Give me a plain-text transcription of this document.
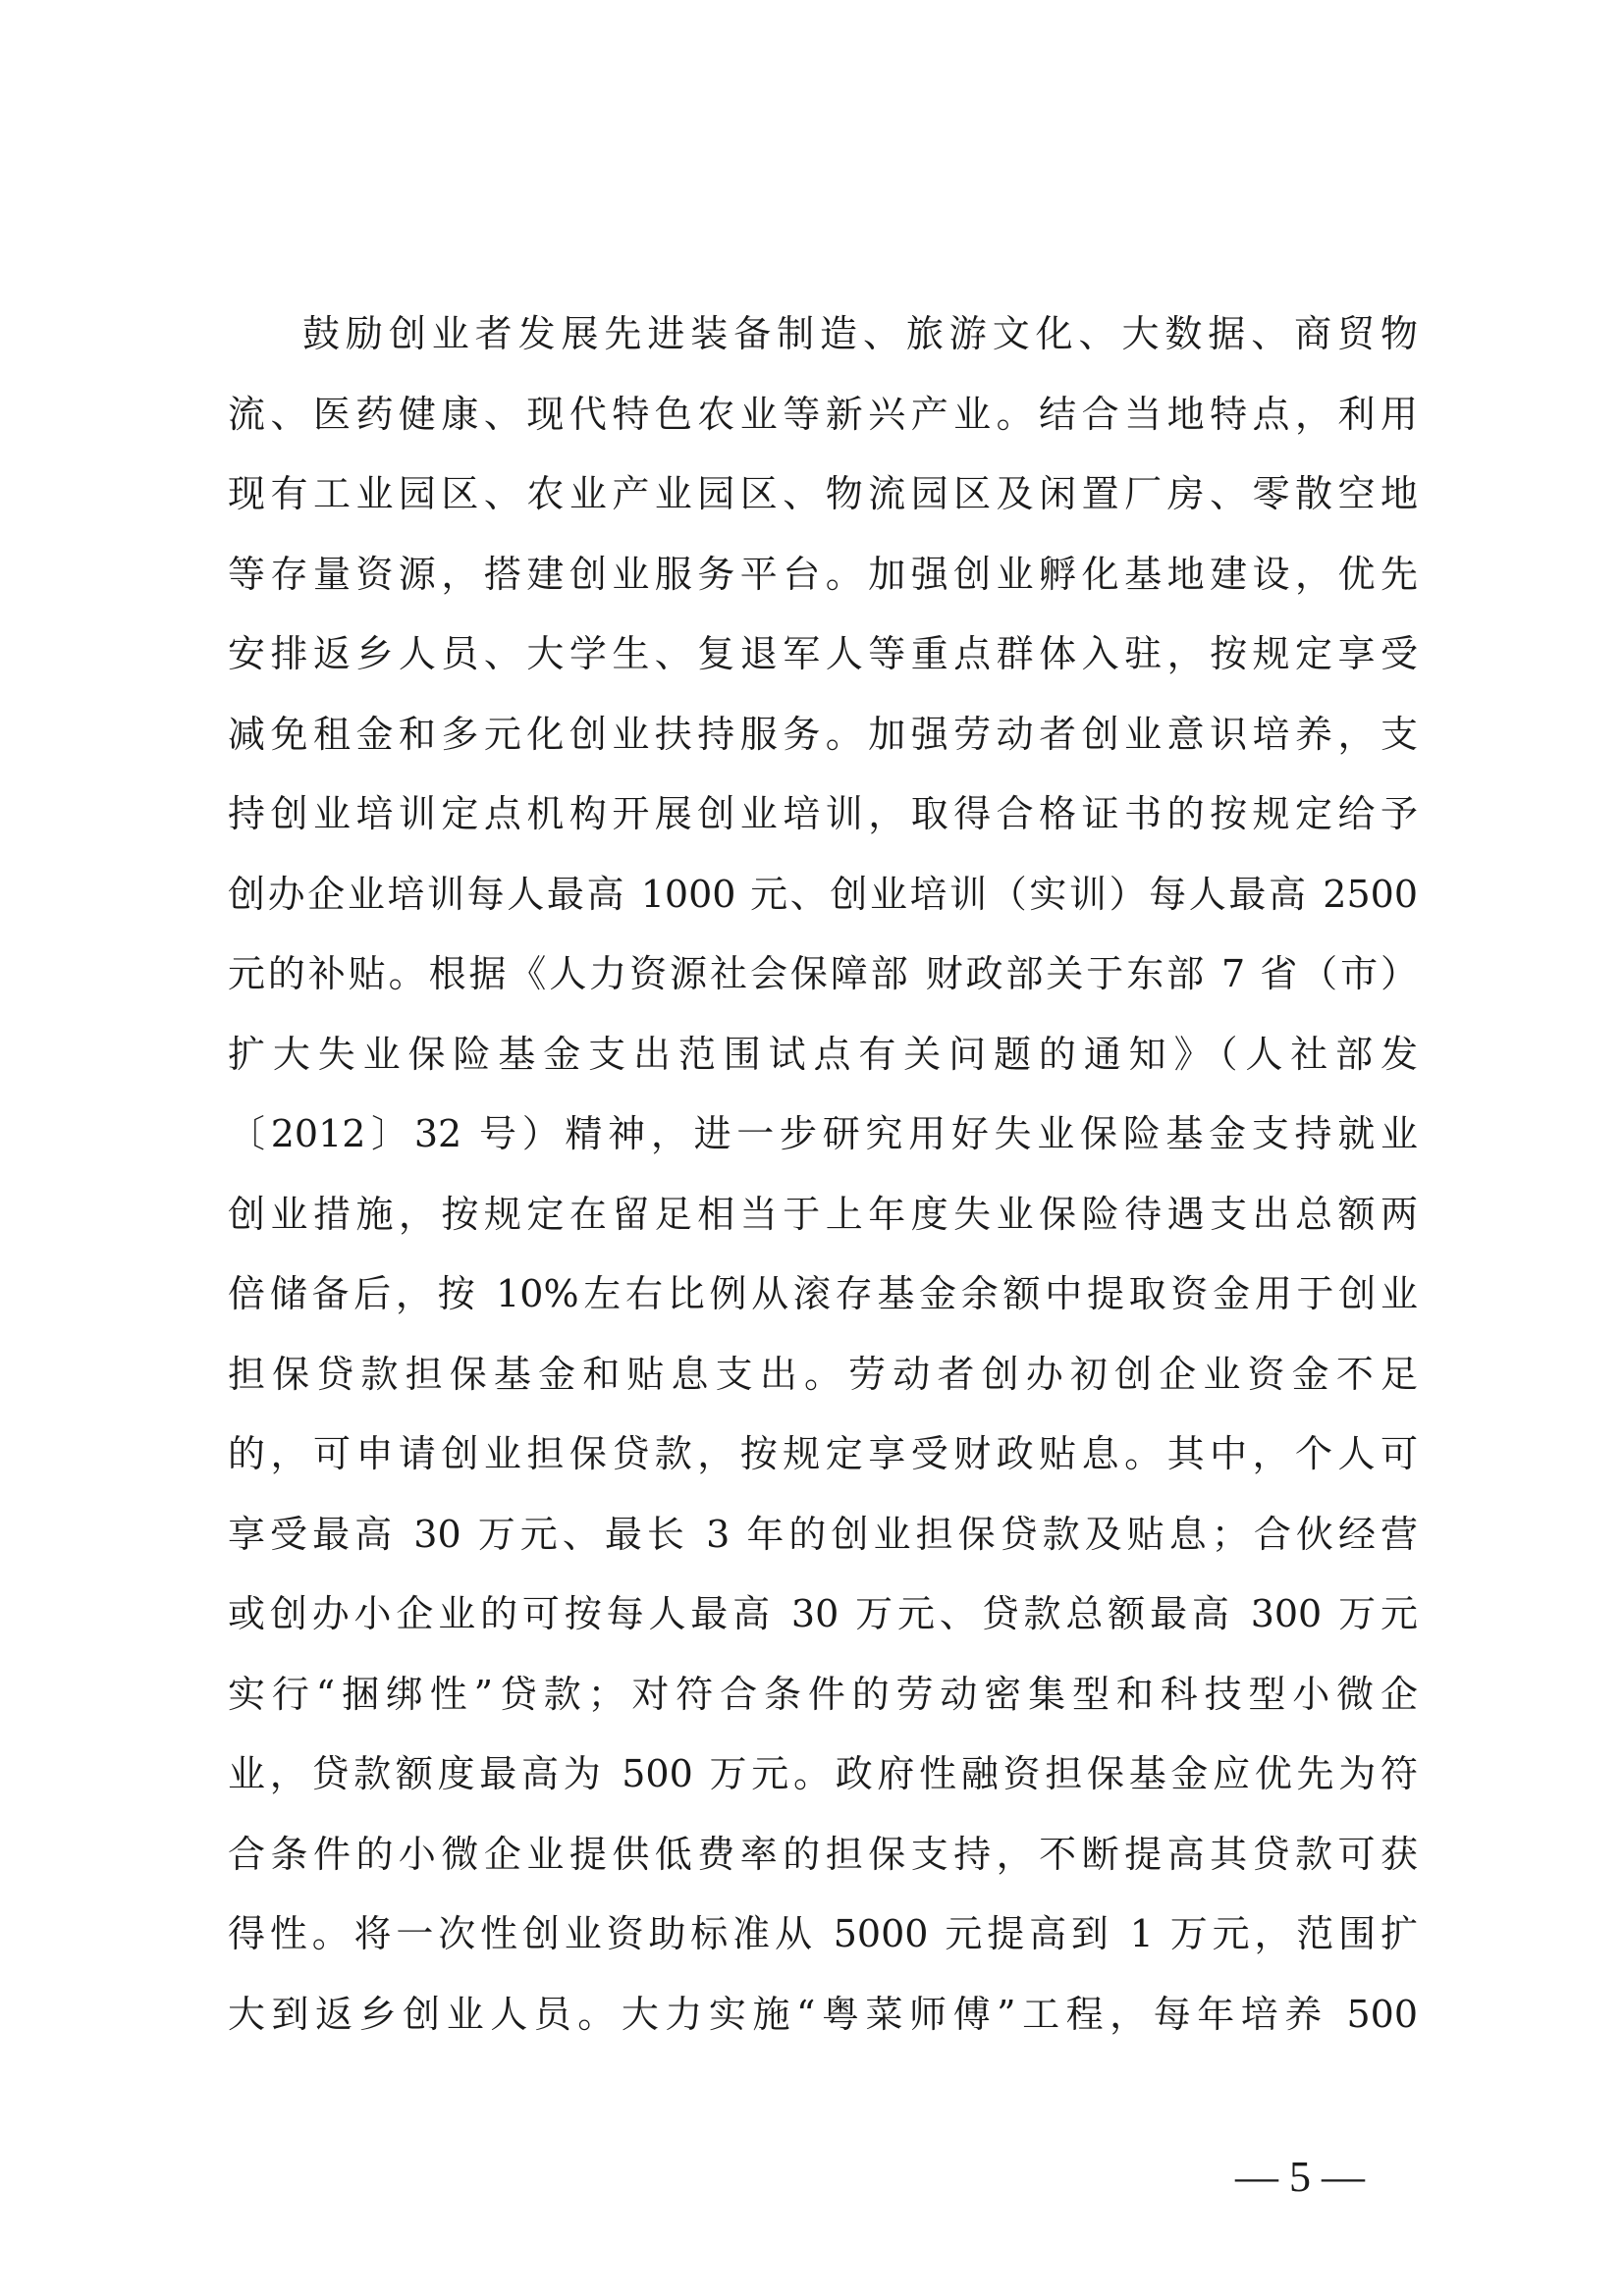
鼓励创业者发展先进装备制造、旅游文化、大数据、商贸物
流、医药健康、现代特色农业等新兴产业。结合当地特点，利用
现有工业园区、农业产业园区、物流园区及闲置厂房、零散空地
等存量资源，搭建创业服务平台。加强创业孵化基地建设，优先
安排返乡人员、大学生、复退军人等重点群体入驻，按规定享受
减免租金和多元化创业扶持服务。加强劳动者创业意识培养，支
持创业培训定点机构开展创业培训，取得合格证书的按规定给予
创办企业培训每人最高 1000 元、创业培训（实训）每人最高 2500
元的补贴。根据《人力资源社会保障部 财政部关于东部 7 省（市）
扩大失业保险基金支出范围试点有关问题的通知》（人社部发
〔2012〕32 号）精神，进一步研究用好失业保险基金支持就业
创业措施，按规定在留足相当于上年度失业保险待遇支出总额两
倍储备后，按 10%左右比例从滚存基金余额中提取资金用于创业
担保贷款担保基金和贴息支出。劳动者创办初创企业资金不足
的，可申请创业担保贷款，按规定享受财政贴息。其中，个人可
享受最高 30 万元、最长 3 年的创业担保贷款及贴息；合伙经营
或创办小企业的可按每人最高 30 万元、贷款总额最高 300 万元
实行“捆绑性”贷款；对符合条件的劳动密集型和科技型小微企
业，贷款额度最高为 500 万元。政府性融资担保基金应优先为符
合条件的小微企业提供低费率的担保支持，不断提高其贷款可获
得性。将一次性创业资助标准从 5000 元提高到 1 万元，范围扩
大到返乡创业人员。大力实施“粤菜师傅”工程，每年培养 500
— 5 —
